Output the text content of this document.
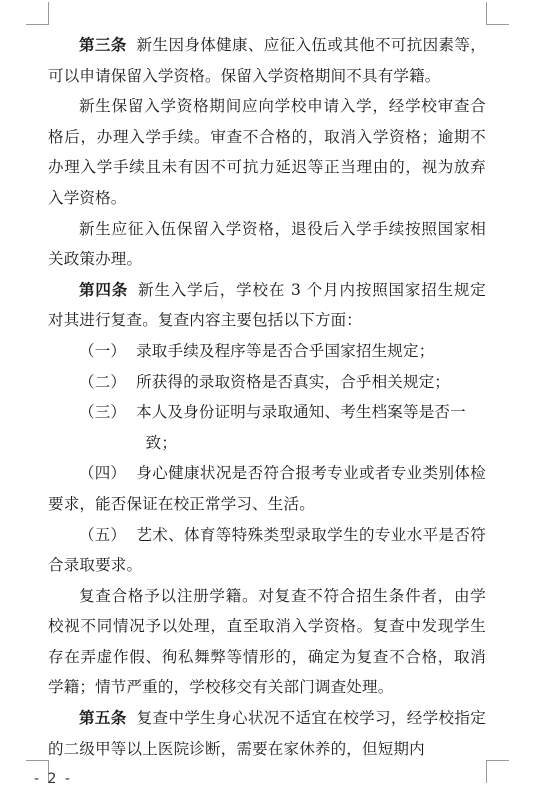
第三条 新生因身体健康、应征入伍或其他不可抗因素等，可以申请保留入学资格。保留入学资格期间不具有学籍。

新生保留入学资格期间应向学校申请入学，经学校审查合格后，办理入学手续。审查不合格的，取消入学资格；逾期不办理入学手续且未有因不可抗力延迟等正当理由的，视为放弃入学资格。

新生应征入伍保留入学资格，退役后入学手续按照国家相关政策办理。

第四条 新生入学后，学校在 3 个月内按照国家招生规定对其进行复查。复查内容主要包括以下方面：

（一） 录取手续及程序等是否合乎国家招生规定；

（二） 所获得的录取资格是否真实，合乎相关规定；

（三） 本人及身份证明与录取通知、考生档案等是否一
致；

（四） 身心健康状况是否符合报考专业或者专业类别体检要求，能否保证在校正常学习、生活。

（五） 艺术、体育等特殊类型录取学生的专业水平是否符合录取要求。

复查合格予以注册学籍。对复查不符合招生条件者，由学校视不同情况予以处理，直至取消入学资格。复查中发现学生存在弄虚作假、徇私舞弊等情形的，确定为复查不合格，取消学籍；情节严重的，学校移交有关部门调查处理。

第五条 复查中学生身心状况不适宜在校学习，经学校指定的二级甲等以上医院诊断，需要在家休养的，但短期内

- 2 -
